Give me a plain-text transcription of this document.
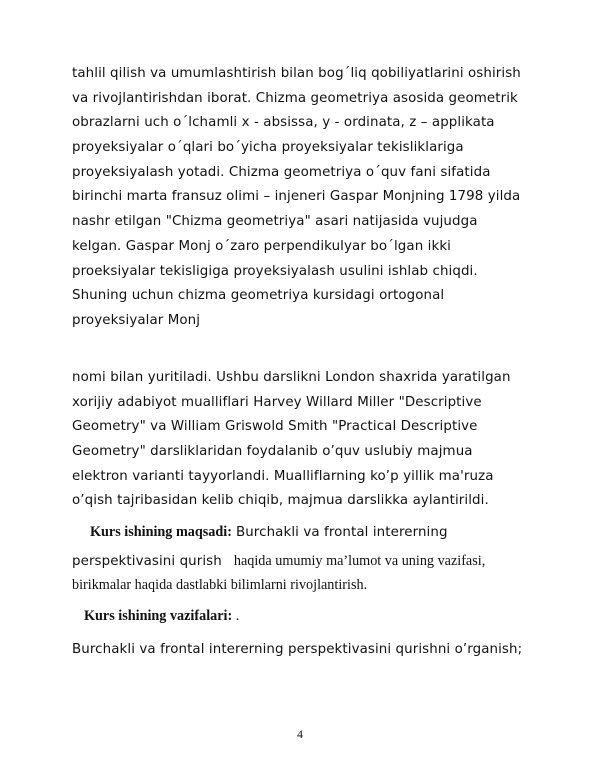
tahlil qilish va umumlashtirish bilan bog´liq qobiliyatlarini oshirish
va rivojlantirishdan iborat. Chizma geometriya asosida geometrik
obrazlarni uch o´lchamli x - absissa, y - ordinata, z – applikata
proyeksiyalar o´qlari bo´yicha proyeksiyalar tekisliklariga
proyeksiyalash yotadi. Chizma geometriya o´quv fani sifatida
birinchi marta fransuz olimi – injeneri Gaspar Monjning 1798 yilda
nashr etilgan "Chizma geometriya" asari natijasida vujudga
kelgan. Gaspar Monj o´zaro perpendikulyar bo´lgan ikki
proeksiyalar tekisligiga proyeksiyalash usulini ishlab chiqdi.
Shuning uchun chizma geometriya kursidagi ortogonal
proyeksiyalar Monj
nomi bilan yuritiladi. Ushbu darslikni London shaxrida yaratilgan
xorijiy adabiyot mualliflari Harvey Willard Miller "Descriptive
Geometry" va William Griswold Smith "Practical Descriptive
Geometry" darsliklaridan foydalanib o’quv uslubiy majmua
elektron varianti tayyorlandi. Mualliflarning ko’p yillik ma'ruza
o’qish tajribasidan kelib chiqib, majmua darslikka aylantirildi.
Kurs ishining maqsadi: Burchakli va frontal intererning
perspektivasini qurish haqida umumiy ma’lumot va uning vazifasi,
birikmalar haqida dastlabki bilimlarni rivojlantirish.
Kurs ishining vazifalari: .
Burchakli va frontal intererning perspektivasini qurishni o’rganish;
4
